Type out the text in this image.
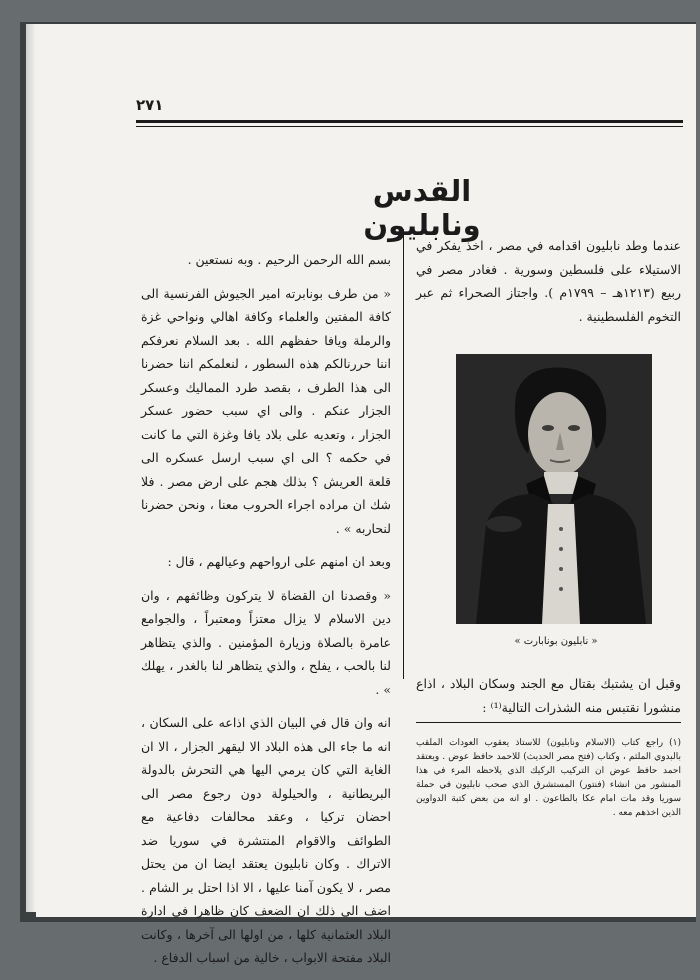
٢٧١
القدس ونابليون

عندما وطد نابليون اقدامه في مصر ، اخذ يفكر في الاستيلاء على فلسطين وسورية . فغادر مصر في ربيع (١٢١٣هـ – ١٧٩٩م ). واجتاز الصحراء ثم عبر التخوم الفلسطينية .

« نابليون بونابارت »

وقبل ان يشتبك بقتال مع الجند وسكان البلاد ، اذاع منشورا نقتبس منه الشذرات التالية⁽¹⁾ :

(١)راجع كتاب (الاسلام ونابليون) للاستاذ يعقوب العودات الملقب بالبدوي الملثم ، وكتاب (فتح مصر الحديث) للاحمد حافظ عوض . ويعتقد احمد حافظ عوض ان التركيب الركيك الذي يلاحظه المرء في هذا المنشور من انشاء (فنتور) المستشرق الذي صحب نابليون في حملة سوريا وقد مات امام عكا بالطاعون . او انه من بعض كتبة الدواوين الذين اخذهم معه .

بسم الله الرحمن الرحيم . وبه نستعين .

« من طرف بونابرته امير الجيوش الفرنسية الى كافة المفتين والعلماء وكافة اهالي ونواحي غزة والرملة ويافا حفظهم الله . بعد السلام نعرفكم اننا حررنالكم هذه السطور ، لنعلمكم اننا حضرنا الى هذا الطرف ، بقصد طرد المماليك وعسكر الجزار عنكم . والى اي سبب حضور عسكر الجزار ، وتعديه على بلاد يافا وغزة التي ما كانت في حكمه ؟ الى اي سبب ارسل عسكره الى قلعة العريش ؟ بذلك هجم على ارض مصر . فلا شك ان مراده اجراء الحروب معنا ، ونحن حضرنا لنحاربه » .

وبعد ان امنهم على ارواحهم وعيالهم ، قال :

« وقصدنا ان القضاة لا يتركون وظائفهم ، وان دين الاسلام لا يزال معتزاً ومعتبراً ، والجوامع عامرة بالصلاة وزيارة المؤمنين . والذي يتظاهر لنا بالحب ، يفلح ، والذي يتظاهر لنا بالغدر ، يهلك » .

انه وان قال في البيان الذي اذاعه على السكان ، انه ما جاء الى هذه البلاد الا ليقهر الجزار ، الا ان الغاية التي كان يرمي اليها هي التحرش بالدولة البريطانية ، والحيلولة دون رجوع مصر الى احضان تركيا ، وعقد محالفات دفاعية مع الطوائف والاقوام المنتشرة في سوريا ضد الاتراك . وكان نابليون يعتقد ايضا ان من يحتل مصر ، لا يكون آمنا عليها ، الا اذا احتل بر الشام . اضف الى ذلك ان الضعف كان ظاهرا في ادارة البلاد العثمانية كلها ، من اولها الى آخرها ، وكانت البلاد مفتحة الابواب ، خالية من اسباب الدفاع .
